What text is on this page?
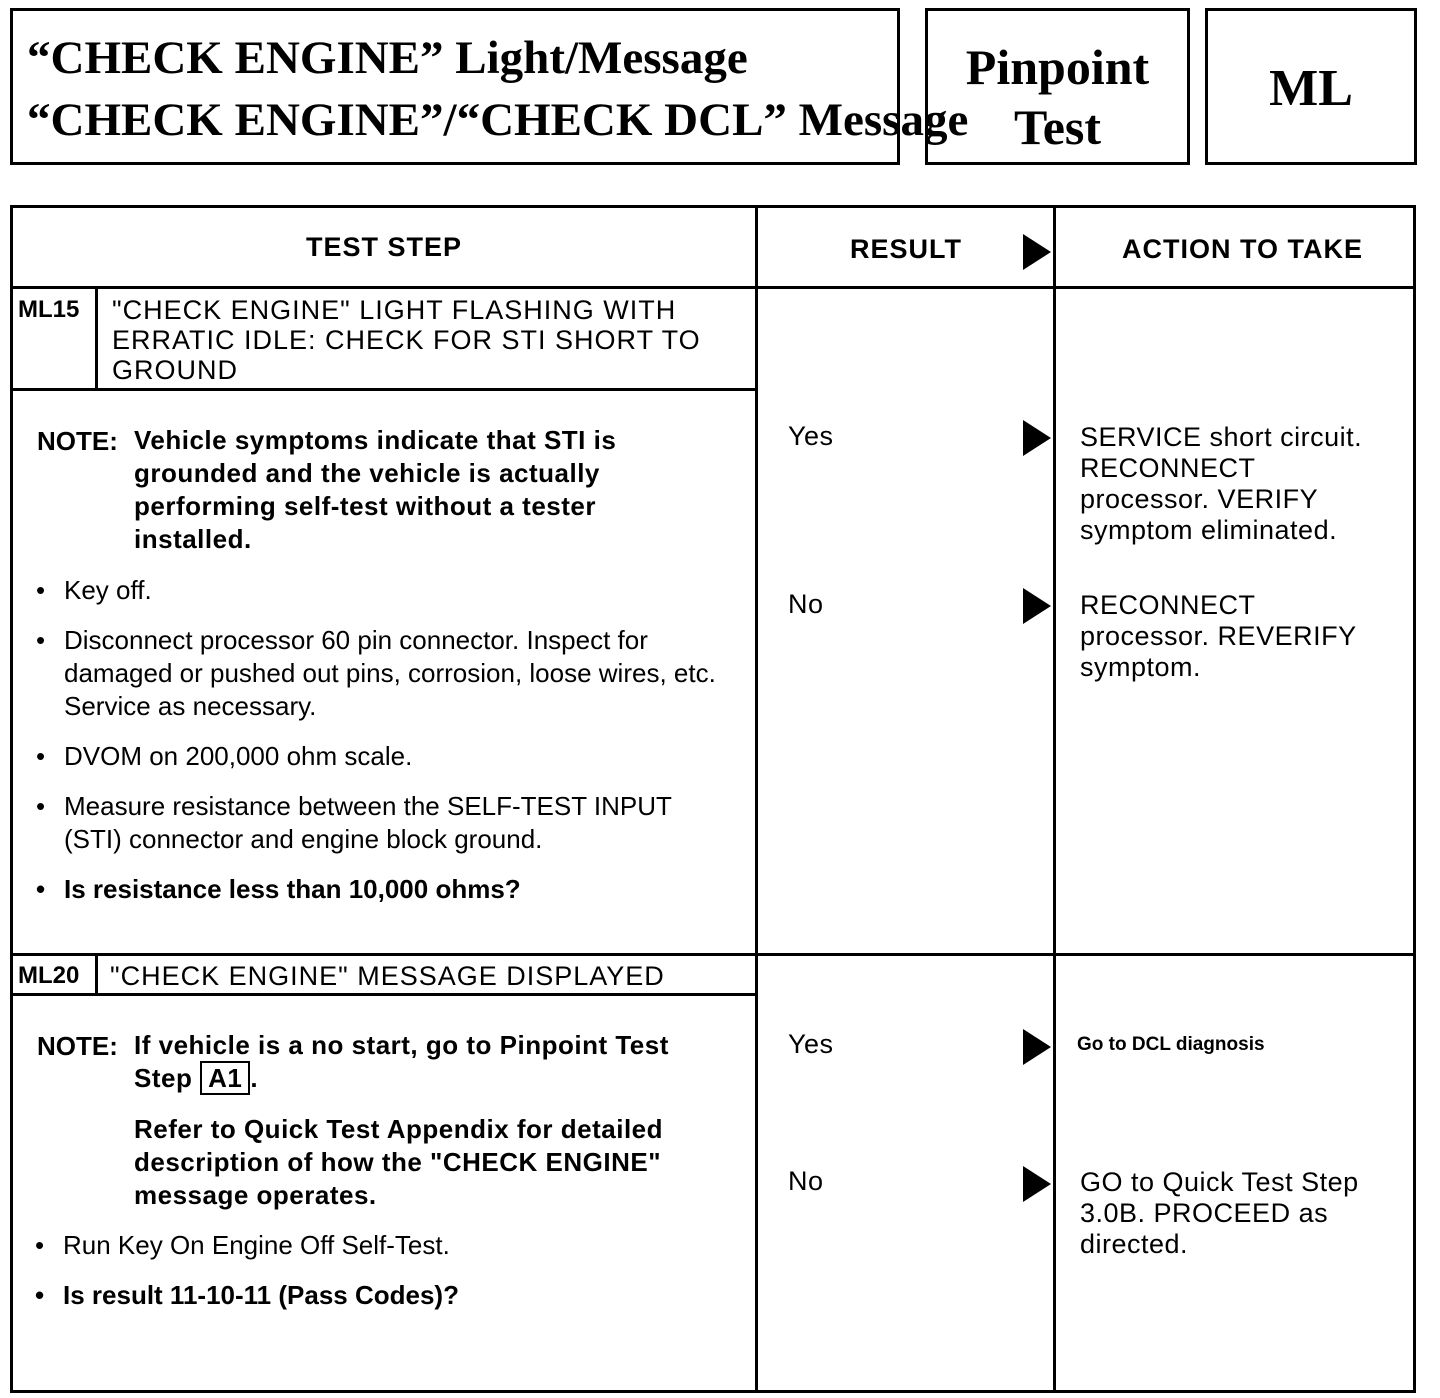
“CHECK ENGINE” Light/Message
“CHECK ENGINE”/“CHECK DCL” Message
Pinpoint
Test
ML
TEST STEP	RESULT	ACTION TO TAKE
ML15 "CHECK ENGINE" LIGHT FLASHING WITH ERRATIC IDLE: CHECK FOR STI SHORT TO GROUND
NOTE: Vehicle symptoms indicate that STI is grounded and the vehicle is actually performing self-test without a tester installed.
• Key off.
• Disconnect processor 60 pin connector. Inspect for damaged or pushed out pins, corrosion, loose wires, etc. Service as necessary.
• DVOM on 200,000 ohm scale.
• Measure resistance between the SELF-TEST INPUT (STI) connector and engine block ground.
• Is resistance less than 10,000 ohms?
Yes	SERVICE short circuit. RECONNECT processor. VERIFY symptom eliminated.
No	RECONNECT processor. REVERIFY symptom.
ML20 "CHECK ENGINE" MESSAGE DISPLAYED
NOTE: If vehicle is a no start, go to Pinpoint Test Step A1 .
Refer to Quick Test Appendix for detailed description of how the "CHECK ENGINE" message operates.
• Run Key On Engine Off Self-Test.
• Is result 11-10-11 (Pass Codes)?
Yes	Go to DCL diagnosis
No	GO to Quick Test Step 3.0B. PROCEED as directed.
